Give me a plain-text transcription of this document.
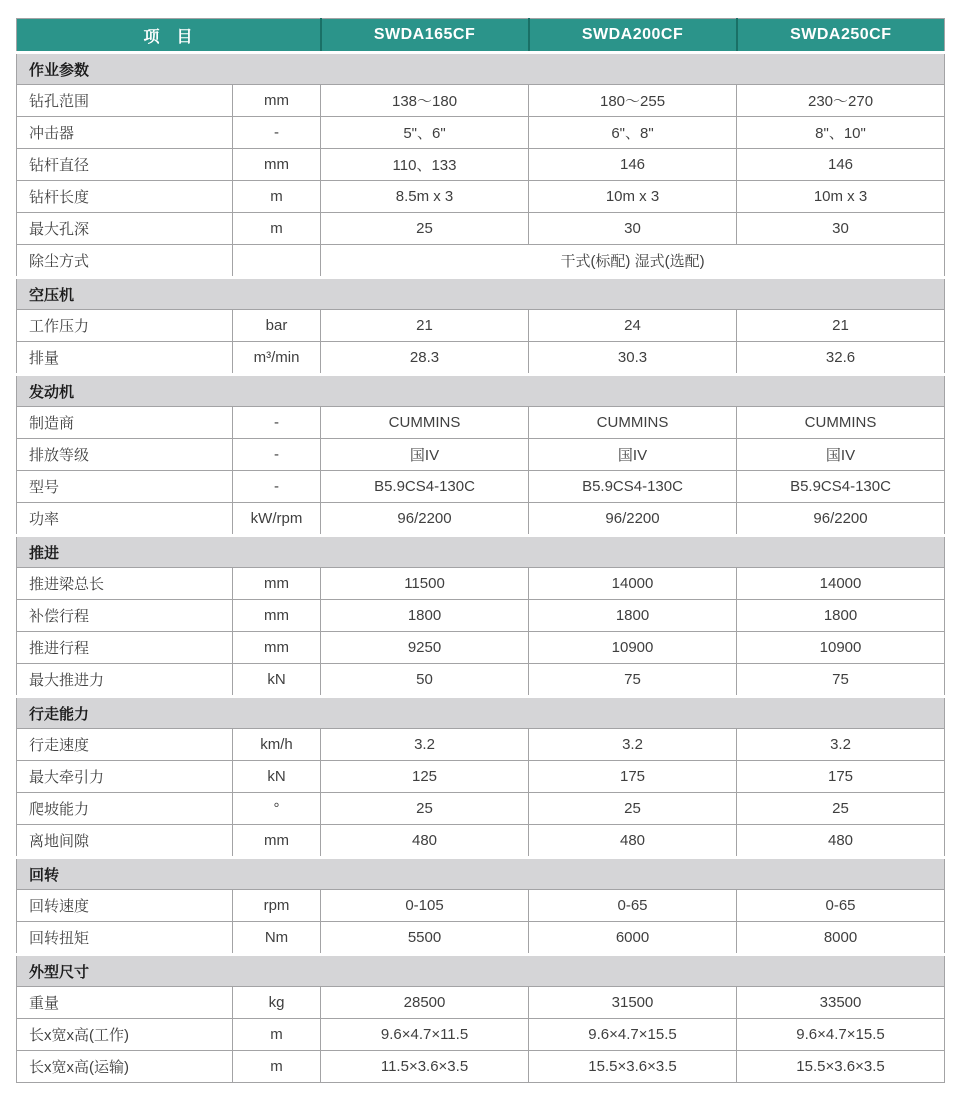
项　目		SWDA165CF	SWDA200CF	SWDA250CF
作业参数				
钻孔范围	mm	138～180	180～255	230～270
冲击器	-	5"、6"	6"、8"	8"、10"
钻杆直径	mm	110、133	146	146
钻杆长度	m	8.5m x 3	10m x 3	10m x 3
最大孔深	m	25	30	30
除尘方式		干式(标配) 湿式(选配)		
空压机				
工作压力	bar	21	24	21
排量	m³/min	28.3	30.3	32.6
发动机				
制造商	-	CUMMINS	CUMMINS	CUMMINS
排放等级	-	国IV	国IV	国IV
型号	-	B5.9CS4-130C	B5.9CS4-130C	B5.9CS4-130C
功率	kW/rpm	96/2200	96/2200	96/2200
推进				
推进梁总长	mm	11500	14000	14000
补偿行程	mm	1800	1800	1800
推进行程	mm	9250	10900	10900
最大推进力	kN	50	75	75
行走能力				
行走速度	km/h	3.2	3.2	3.2
最大牵引力	kN	125	175	175
爬坡能力	°	25	25	25
离地间隙	mm	480	480	480
回转				
回转速度	rpm	0-105	0-65	0-65
回转扭矩	Nm	5500	6000	8000
外型尺寸				
重量	kg	28500	31500	33500
长x宽x高(工作)	m	9.6×4.7×11.5	9.6×4.7×15.5	9.6×4.7×15.5
长x宽x高(运输)	m	11.5×3.6×3.5	15.5×3.6×3.5	15.5×3.6×3.5
